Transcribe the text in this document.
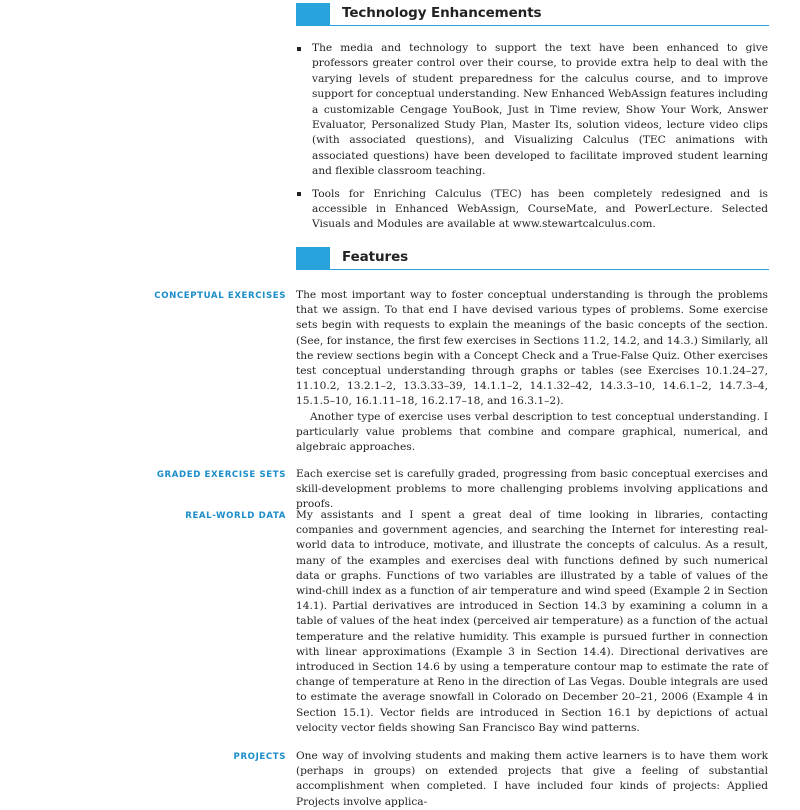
Technology Enhancements
The media and technology to support the text have been enhanced to give professors greater control over their course, to provide extra help to deal with the varying levels of student preparedness for the calculus course, and to improve support for conceptual understanding. New Enhanced WebAssign features including a customizable Cengage YouBook, Just in Time review, Show Your Work, Answer Evaluator, Personalized Study Plan, Master Its, solution videos, lecture video clips (with associated questions), and Visualizing Calculus (TEC animations with associated questions) have been developed to facilitate improved student learning and flexible classroom teaching.
Tools for Enriching Calculus (TEC) has been completely redesigned and is accessible in Enhanced WebAssign, CourseMate, and PowerLecture. Selected Visuals and Modules are available at www.stewartcalculus.com.
Features
CONCEPTUAL EXERCISES The most important way to foster conceptual understanding is through the problems that we assign. To that end I have devised various types of problems. Some exercise sets begin with requests to explain the meanings of the basic concepts of the section. (See, for instance, the first few exercises in Sections 11.2, 14.2, and 14.3.) Similarly, all the review sections begin with a Concept Check and a True-False Quiz. Other exercises test conceptual understanding through graphs or tables (see Exercises 10.1.24–27, 11.10.2, 13.2.1–2, 13.3.33–39, 14.1.1–2, 14.1.32–42, 14.3.3–10, 14.6.1–2, 14.7.3–4, 15.1.5–10, 16.1.11–18, 16.2.17–18, and 16.3.1–2).

Another type of exercise uses verbal description to test conceptual understanding. I particularly value problems that combine and compare graphical, numerical, and algebraic approaches.

GRADED EXERCISE SETS Each exercise set is carefully graded, progressing from basic conceptual exercises and skill-development problems to more challenging problems involving applications and proofs.

REAL-WORLD DATA My assistants and I spent a great deal of time looking in libraries, contacting companies and government agencies, and searching the Internet for interesting real-world data to introduce, motivate, and illustrate the concepts of calculus. As a result, many of the examples and exercises deal with functions defined by such numerical data or graphs. Functions of two variables are illustrated by a table of values of the wind-chill index as a function of air temperature and wind speed (Example 2 in Section 14.1). Partial derivatives are introduced in Section 14.3 by examining a column in a table of values of the heat index (perceived air temperature) as a function of the actual temperature and the relative humidity. This example is pursued further in connection with linear approximations (Example 3 in Section 14.4). Directional derivatives are introduced in Section 14.6 by using a temperature contour map to estimate the rate of change of temperature at Reno in the direction of Las Vegas. Double integrals are used to estimate the average snowfall in Colorado on December 20–21, 2006 (Example 4 in Section 15.1). Vector fields are introduced in Section 16.1 by depictions of actual velocity vector fields showing San Francisco Bay wind patterns.

PROJECTS One way of involving students and making them active learners is to have them work (perhaps in groups) on extended projects that give a feeling of substantial accomplishment when completed. I have included four kinds of projects: Applied Projects involve applica-
